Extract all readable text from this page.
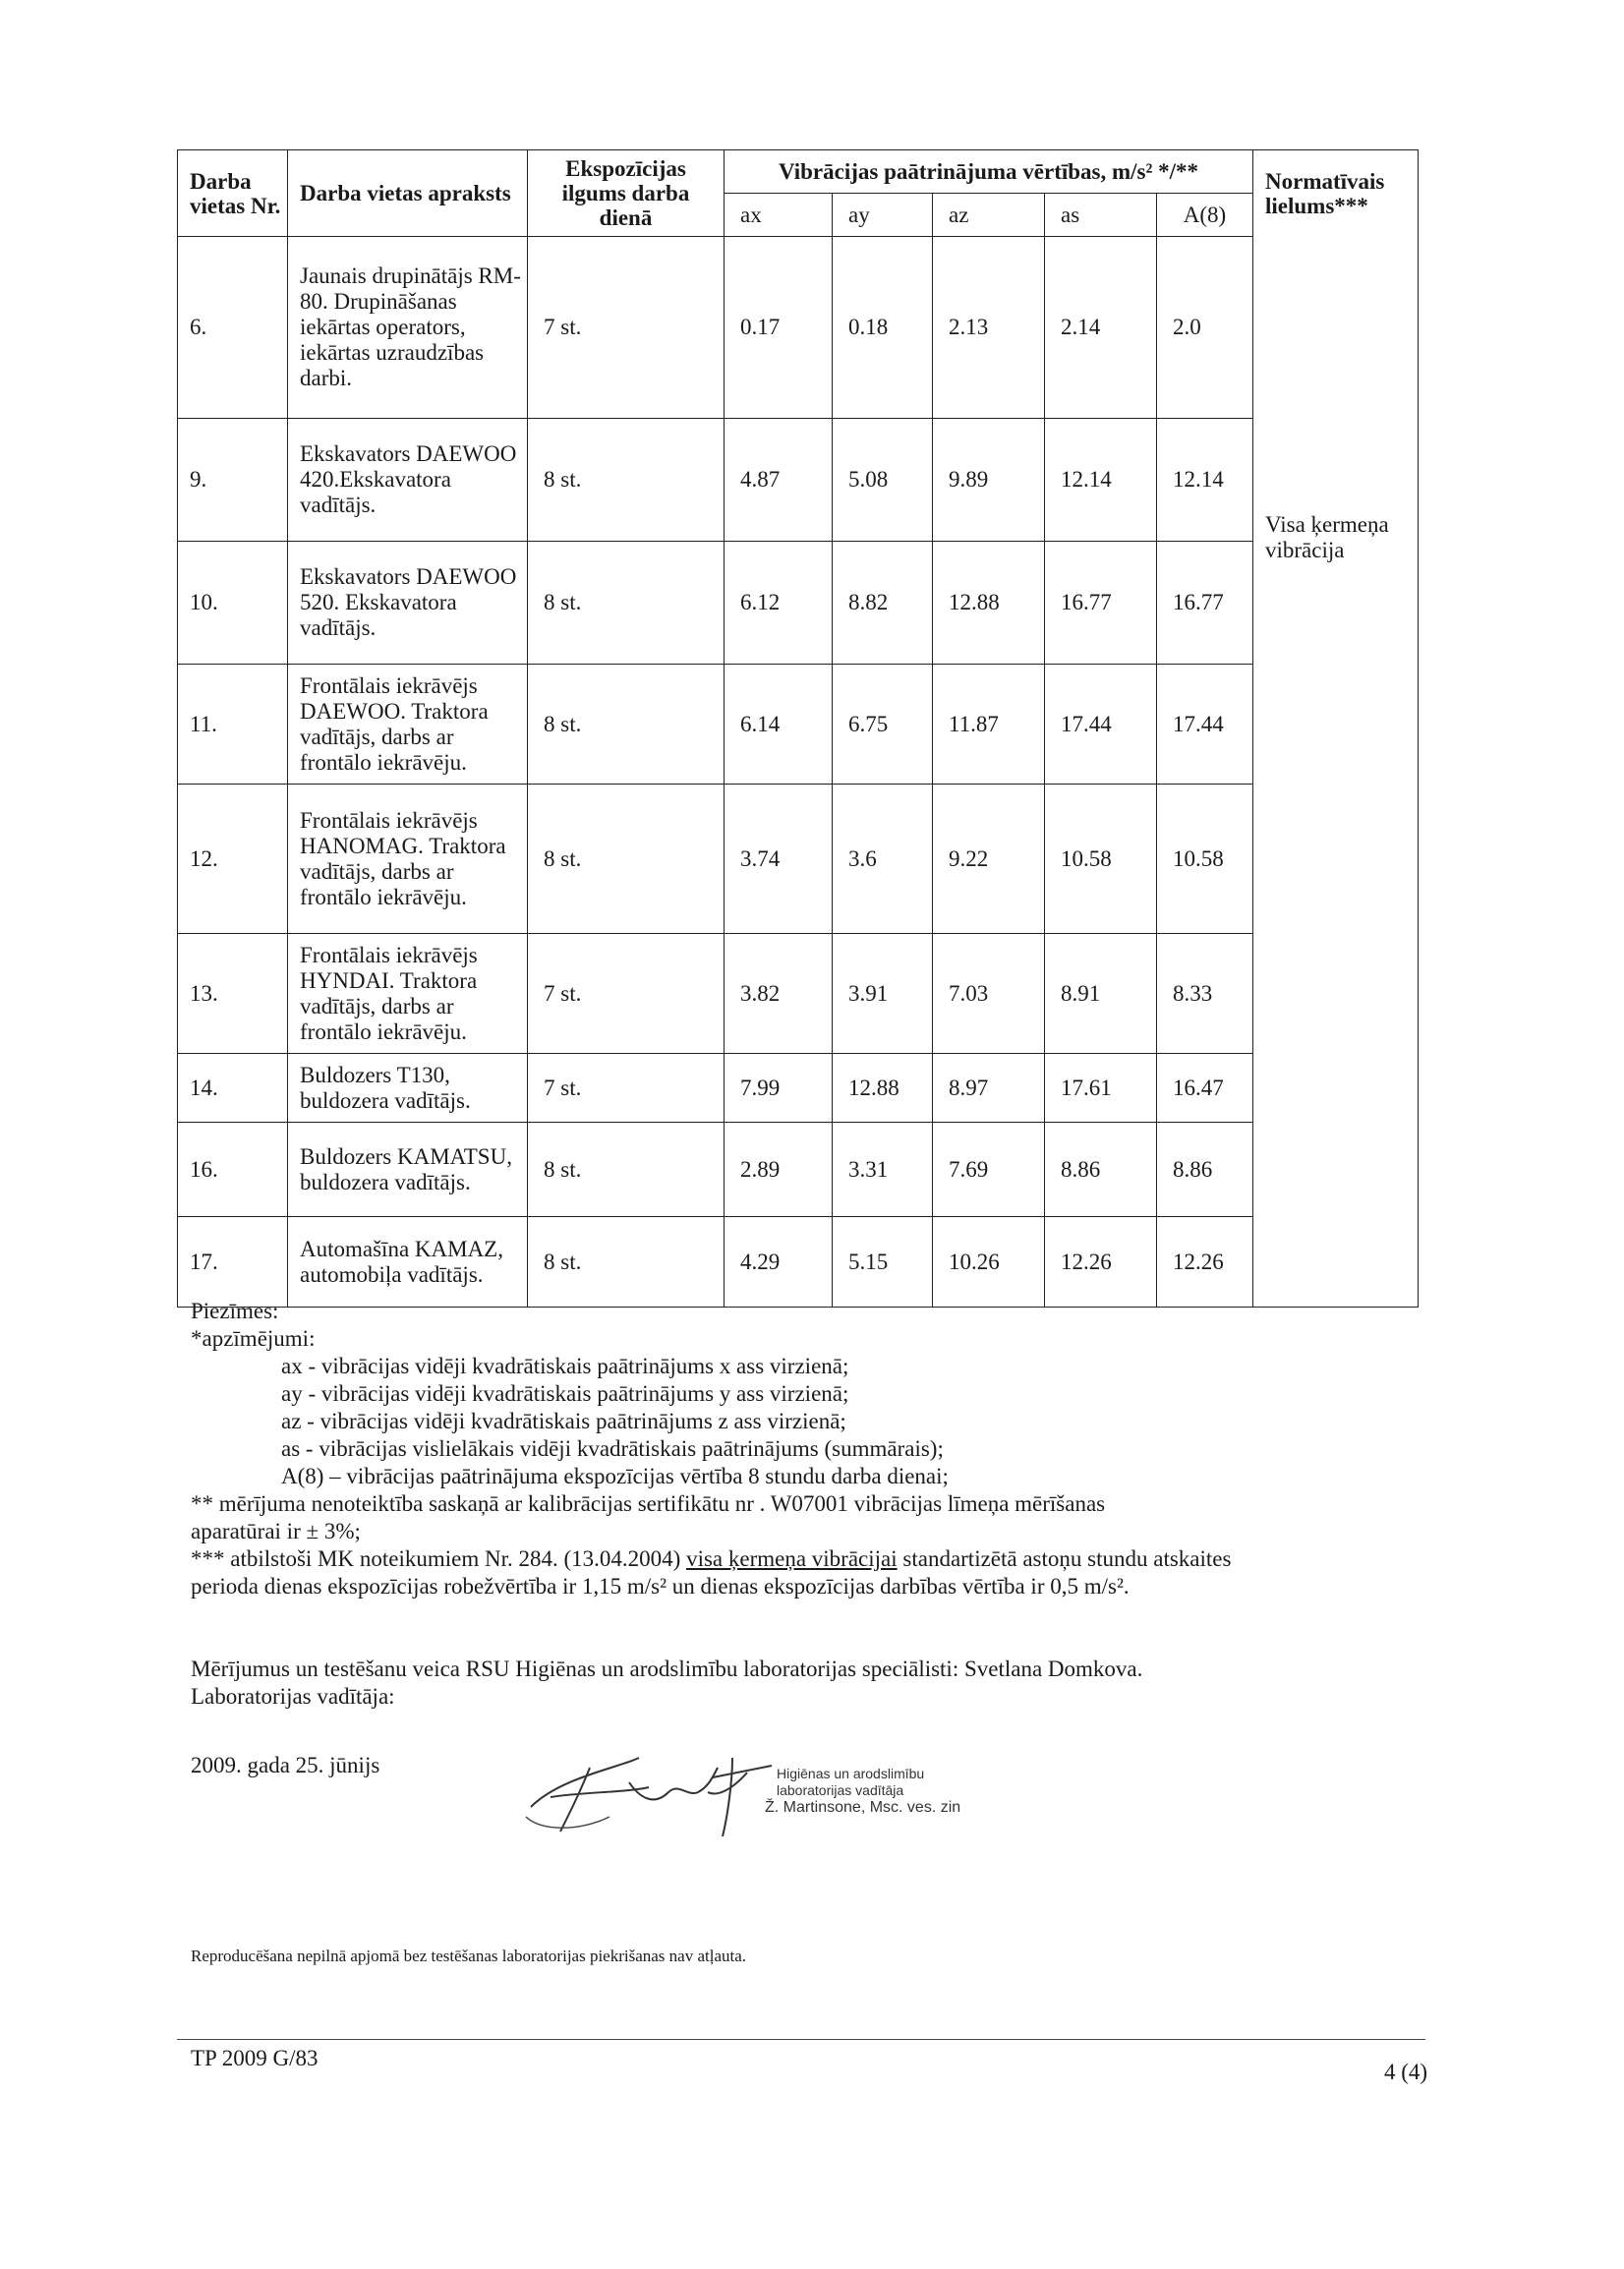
Darba vietas Nr.	Darba vietas apraksts	Ekspozīcijas ilgums darba dienā	Vibrācijas paātrinājuma vērtības, m/s² */**					Normatīvais lielums***
			ax	ay	az	as	A(8)	
6.	Jaunais drupinātājs RM-80. Drupināšanas iekārtas operators, iekārtas uzraudzības darbi.	7 st.	0.17	0.18	2.13	2.14	2.0	Visa ķermeņa vibrācija
9.	Ekskavators DAEWOO 420.Ekskavatora vadītājs.	8 st.	4.87	5.08	9.89	12.14	12.14	
10.	Ekskavators DAEWOO 520. Ekskavatora vadītājs.	8 st.	6.12	8.82	12.88	16.77	16.77	
11.	Frontālais iekrāvējs DAEWOO. Traktora vadītājs, darbs ar frontālo iekrāvēju.	8 st.	6.14	6.75	11.87	17.44	17.44	
12.	Frontālais iekrāvējs HANOMAG. Traktora vadītājs, darbs ar frontālo iekrāvēju.	8 st.	3.74	3.6	9.22	10.58	10.58	
13.	Frontālais iekrāvējs HYNDAI. Traktora vadītājs, darbs ar frontālo iekrāvēju.	7 st.	3.82	3.91	7.03	8.91	8.33	
14.	Buldozers T130, buldozera vadītājs.	7 st.	7.99	12.88	8.97	17.61	16.47	
16.	Buldozers KAMATSU, buldozera vadītājs.	8 st.	2.89	3.31	7.69	8.86	8.86	
17.	Automašīna KAMAZ, automobiļa vadītājs.	8 st.	4.29	5.15	10.26	12.26	12.26	
Piezīmes:
*apzīmējumi:
ax - vibrācijas vidēji kvadrātiskais paātrinājums x ass virzienā;
ay - vibrācijas vidēji kvadrātiskais paātrinājums y ass virzienā;
az - vibrācijas vidēji kvadrātiskais paātrinājums z ass virzienā;
as - vibrācijas vislielākais vidēji kvadrātiskais paātrinājums (summārais);
A(8) – vibrācijas paātrinājuma ekspozīcijas vērtība 8 stundu darba dienai;
** mērījuma nenoteiktība saskaņā ar kalibrācijas sertifikātu nr . W07001 vibrācijas līmeņa mērīšanas
aparatūrai ir ± 3%;
*** atbilstoši MK noteikumiem Nr. 284. (13.04.2004) visa ķermeņa vibrācijai standartizētā astoņu stundu atskaites
perioda dienas ekspozīcijas robežvērtība ir 1,15 m/s² un dienas ekspozīcijas darbības vērtība ir 0,5 m/s².
Mērījumus un testēšanu veica RSU Higiēnas un arodslimību laboratorijas speciālisti: Svetlana Domkova.
Laboratorijas vadītāja:
2009. gada 25. jūnijs	Higiēnas un arodslimību
laboratorijas vadītāja
Ž. Martinsone, Msc. ves. zin
Reproducēšana nepilnā apjomā bez testēšanas laboratorijas piekrišanas nav atļauta.
TP 2009 G/83
4 (4)
